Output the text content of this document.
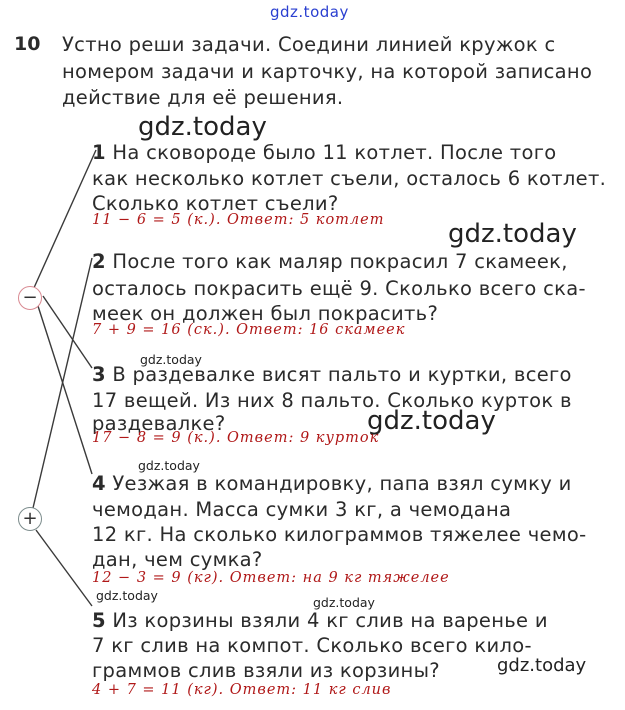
gdz.today
10 Устно реши задачи. Соедини линией кружок с
номером задачи и карточку, на которой записано
действие для её решения.
gdz.today
1 На сковороде было 11 котлет. После того
как несколько котлет съели, осталось 6 котлет.
Сколько котлет съели?
11 − 6 = 5 (к.). Ответ: 5 котлет gdz.today
2 После того как маляр покрасил 7 скамеек,
осталось покрасить ещё 9. Сколько всего ска-
меек он должен был покрасить?
7 + 9 = 16 (ск.). Ответ: 16 скамеек
−
gdz.today
3 В раздевалке висят пальто и куртки, всего
17 вещей. Из них 8 пальто. Сколько курток в
раздевалке?
17 − 8 = 9 (к.). Ответ: 9 курток
gdz.today
gdz.today
4 Уезжая в командировку, папа взял сумку и
чемодан. Масса сумки 3 кг, а чемодана
12 кг. На сколько килограммов тяжелее чемо-
дан, чем сумка?
12 − 3 = 9 (кг). Ответ: на 9 кг тяжелее
+
gdz.today	gdz.today
5 Из корзины взяли 4 кг слив на варенье и
7 кг слив на компот. Сколько всего кило-
граммов слив взяли из корзины?
4 + 7 = 11 (кг). Ответ: 11 кг слив
gdz.today
